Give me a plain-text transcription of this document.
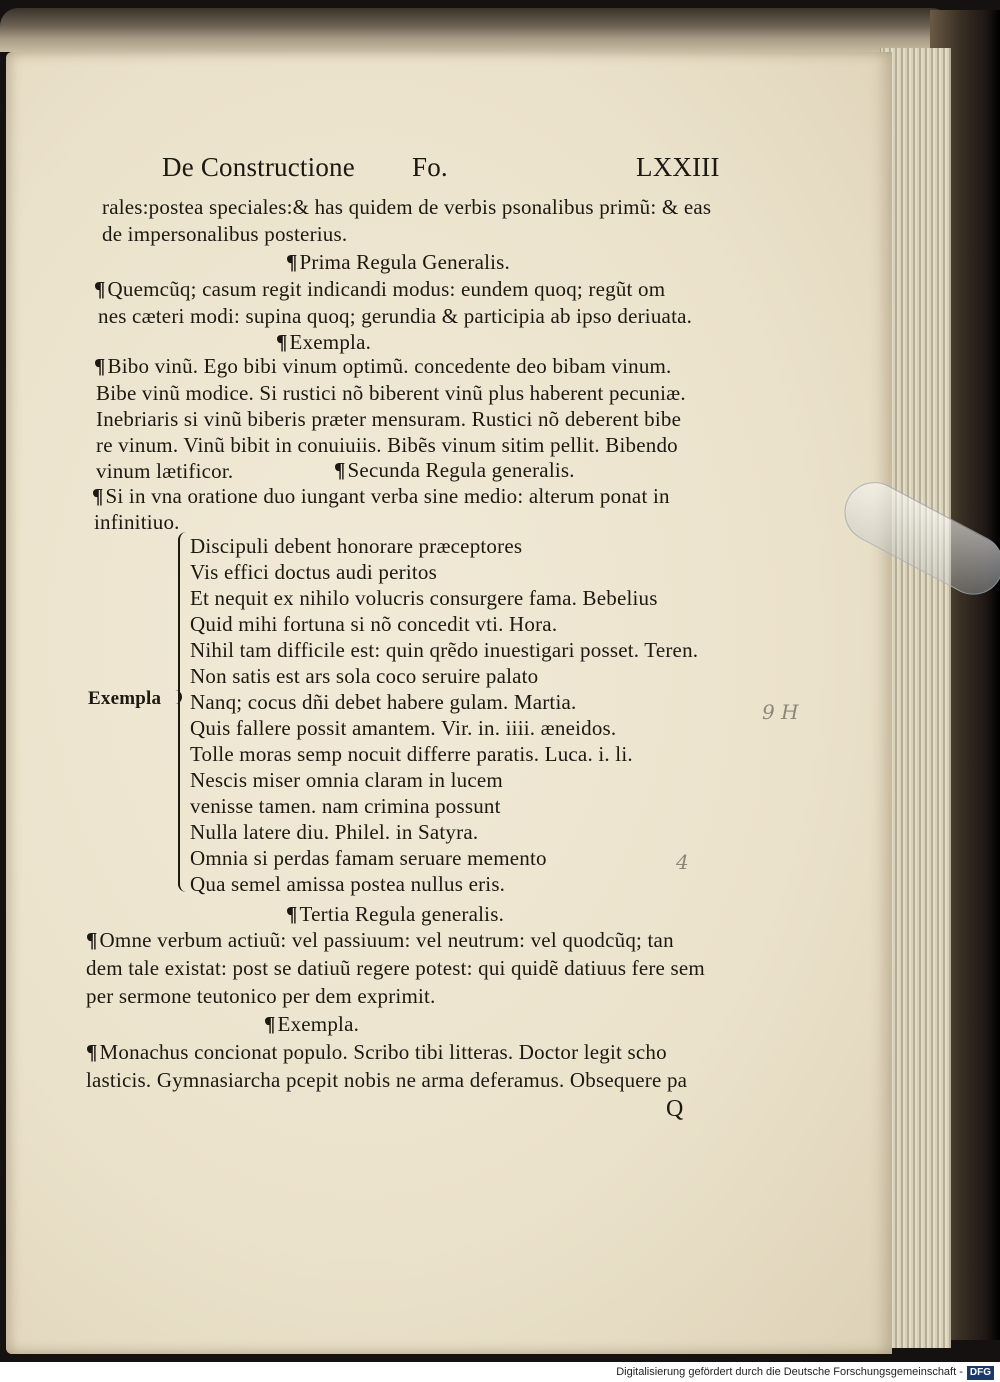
De Constructione Fo.	LXXIII
rales:postea speciales:& has quidem de verbis psonalibus primũ: & eas
de impersonalibus posterius.
¶Prima Regula Generalis.
¶Quemcũq; casum regit indicandi modus: eundem quoq; regũt om
nes cæteri modi: supina quoq; gerundia & participia ab ipso deriuata.
¶Exempla.
¶Bibo vinũ. Ego bibi vinum optimũ. concedente deo bibam vinum.
Bibe vinũ modice. Si rustici nõ biberent vinũ plus haberent pecuniæ.
Inebriaris si vinũ biberis præter mensuram. Rustici nõ deberent bibe
re vinum. Vinũ bibit in conuiuiis. Bibẽs vinum sitim pellit. Bibendo
vinum lætificor.	¶Secunda Regula generalis.
¶Si in vna oratione duo iungant verba sine medio: alterum ponat in
infinitiuo.
Exempla
Discipuli debent honorare præceptores
Vis effici doctus audi peritos
Et nequit ex nihilo volucris consurgere fama. Bebelius
Quid mihi fortuna si nõ concedit vti. Hora.
Nihil tam difficile est: quin qrẽdo inuestigari posset. Teren.
Non satis est ars sola coco seruire palato
Nanq; cocus dñi debet habere gulam. Martia.
Quis fallere possit amantem. Vir. in. iiii. æneidos.
Tolle moras semp nocuit differre paratis. Luca. i. li.
Nescis miser omnia claram in lucem
venisse tamen. nam crimina possunt
Nulla latere diu. Philel. in Satyra.
Omnia si perdas famam seruare memento
Qua semel amissa postea nullus eris.
¶Tertia Regula generalis.
¶Omne verbum actiuũ: vel passiuum: vel neutrum: vel quodcũq; tan
dem tale existat: post se datiuũ regere potest: qui quidẽ datiuus fere sem
per sermone teutonico per dem exprimit.
¶Exempla.
¶Monachus concionat populo. Scribo tibi litteras. Doctor legit scho
lasticis. Gymnasiarcha pcepit nobis ne arma deferamus. Obsequere pa
Q
9 H
4
Digitalisierung gefördert durch die Deutsche Forschungsgemeinschaft - DFG
